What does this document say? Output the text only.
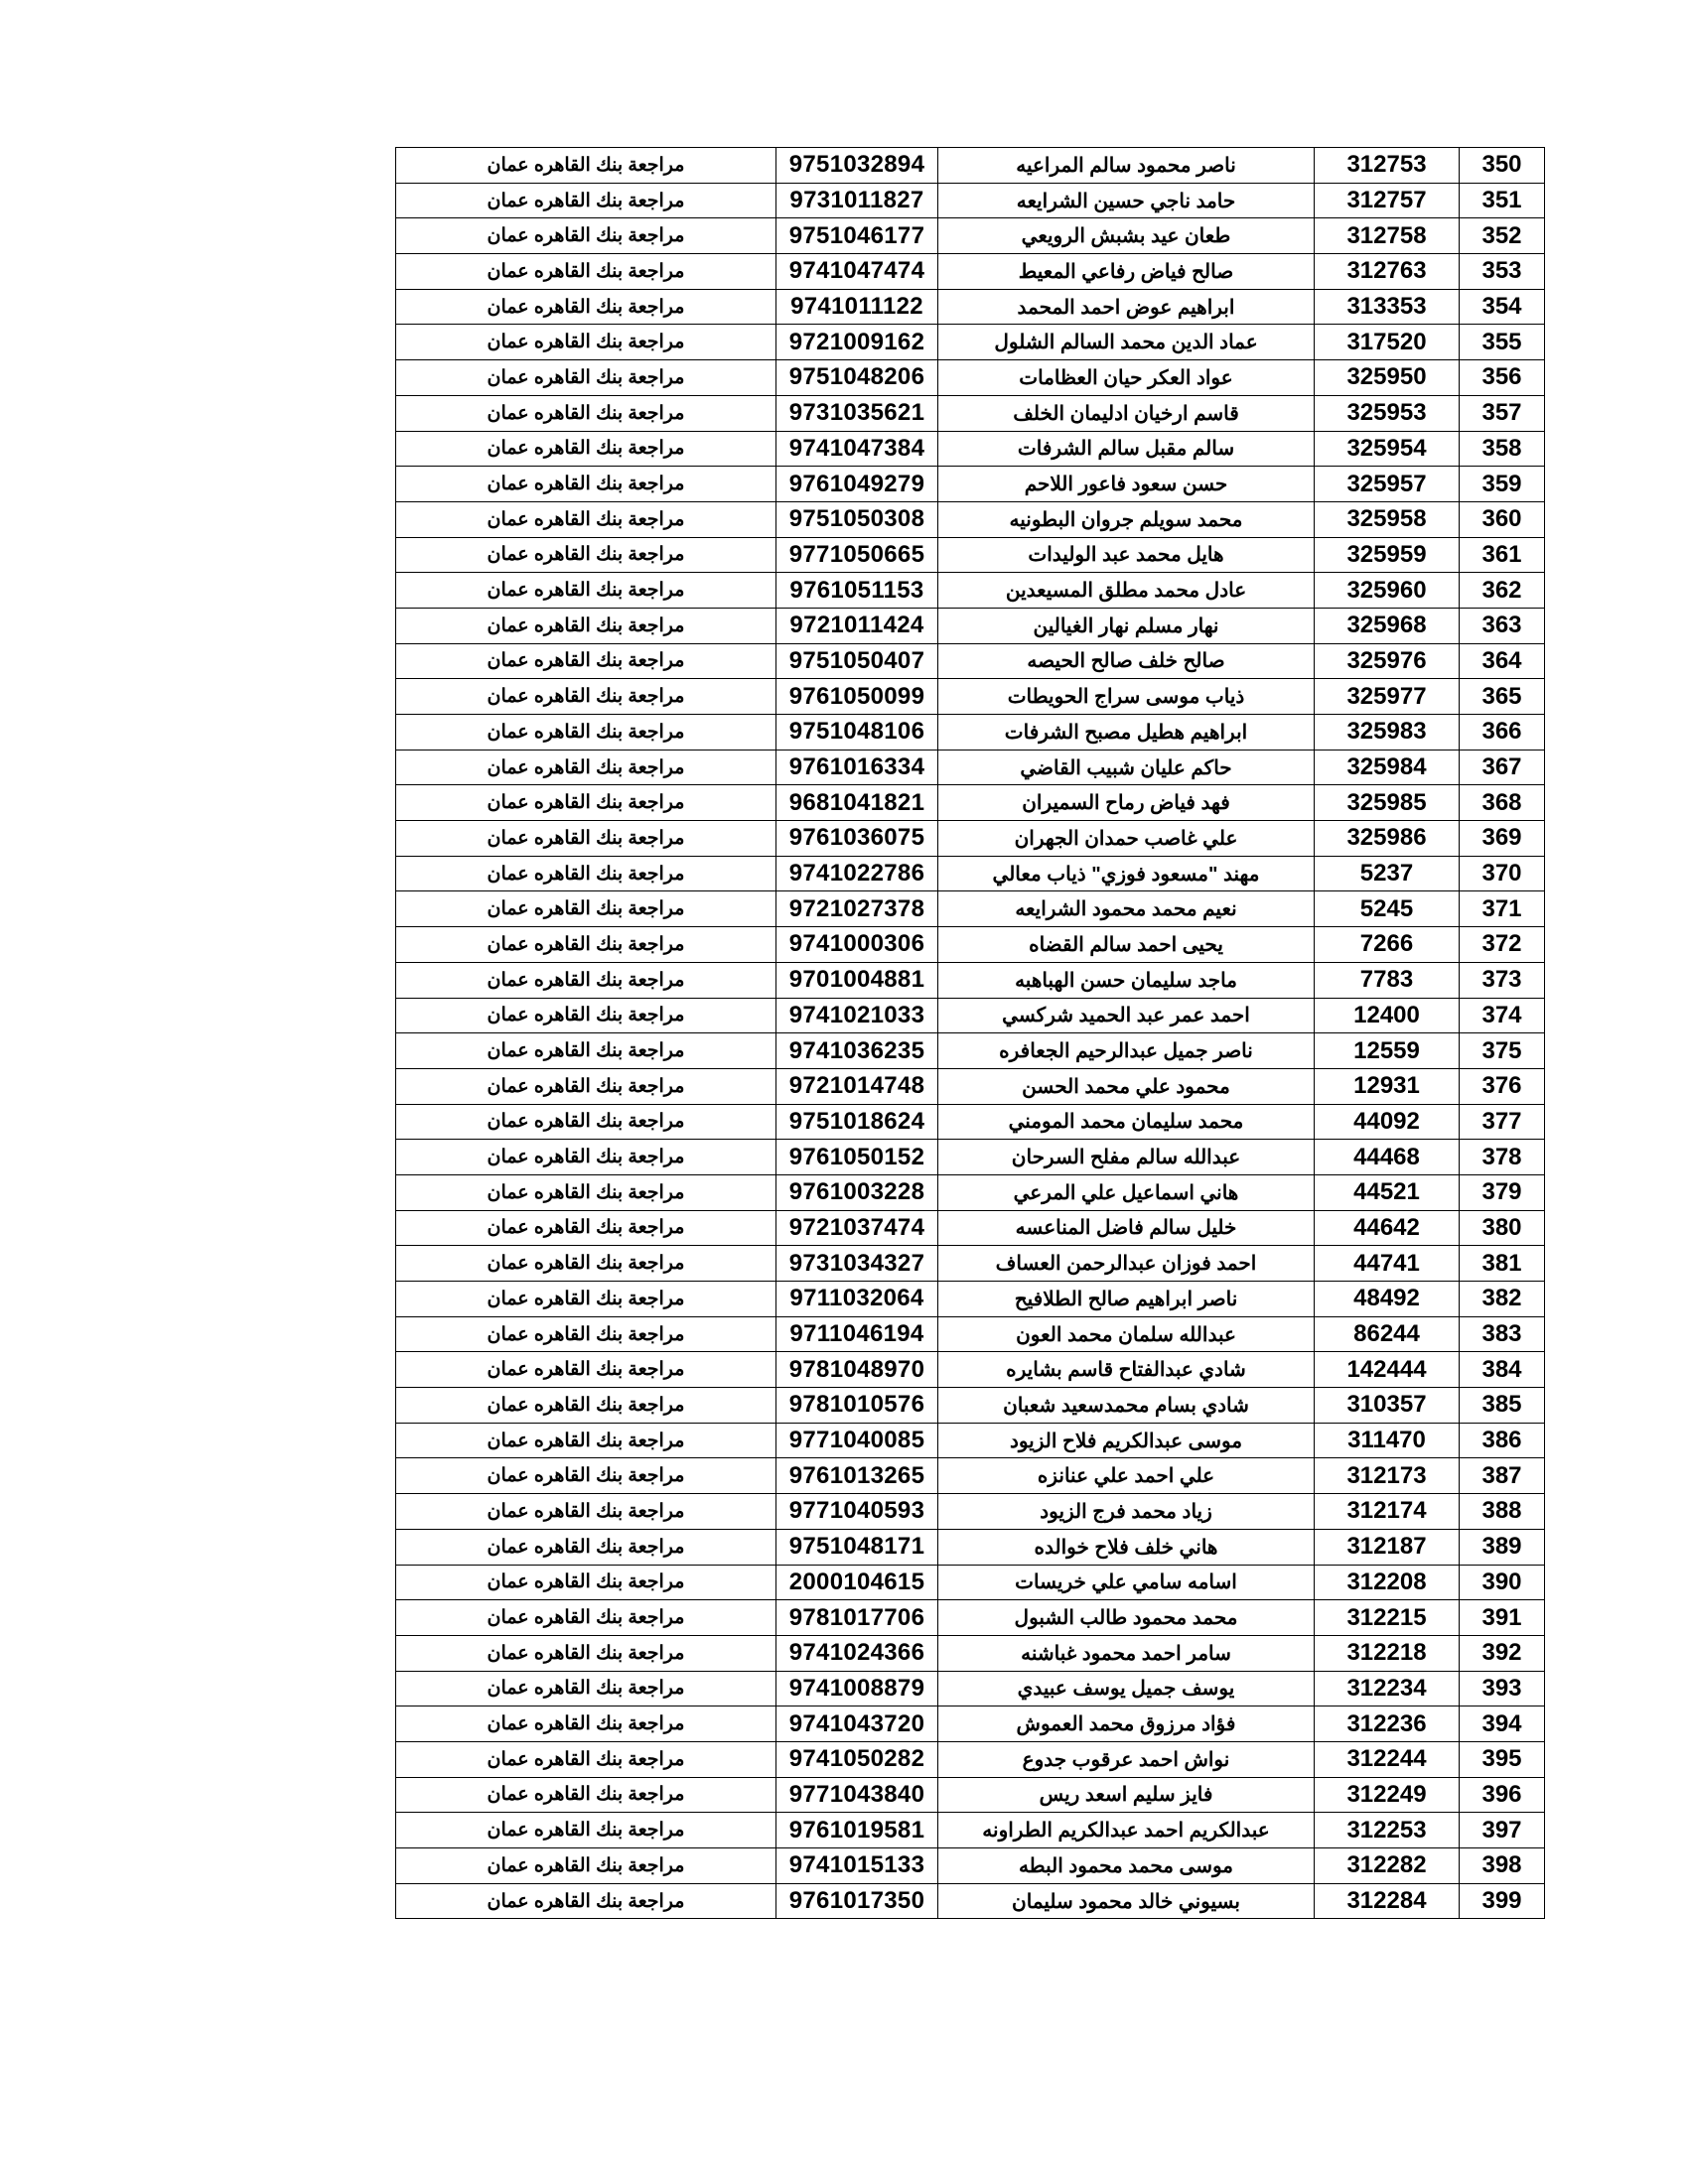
مراجعة بنك القاهره عمان	9751032894	ناصر محمود سالم المراعيه	312753	350
مراجعة بنك القاهره عمان	9731011827	حامد ناجي حسين الشرايعه	312757	351
مراجعة بنك القاهره عمان	9751046177	طعان عيد بشبش الرويعي	312758	352
مراجعة بنك القاهره عمان	9741047474	صالح فياض رفاعي المعيط	312763	353
مراجعة بنك القاهره عمان	9741011122	ابراهيم عوض احمد المحمد	313353	354
مراجعة بنك القاهره عمان	9721009162	عماد الدين محمد السالم الشلول	317520	355
مراجعة بنك القاهره عمان	9751048206	عواد العكر حيان العظامات	325950	356
مراجعة بنك القاهره عمان	9731035621	قاسم ارخيان ادليمان الخلف	325953	357
مراجعة بنك القاهره عمان	9741047384	سالم مقبل سالم الشرفات	325954	358
مراجعة بنك القاهره عمان	9761049279	حسن سعود فاعور اللاحم	325957	359
مراجعة بنك القاهره عمان	9751050308	محمد سويلم جروان البطونيه	325958	360
مراجعة بنك القاهره عمان	9771050665	هايل محمد عبد الوليدات	325959	361
مراجعة بنك القاهره عمان	9761051153	عادل محمد مطلق المسيعدين	325960	362
مراجعة بنك القاهره عمان	9721011424	نهار مسلم نهار الغيالين	325968	363
مراجعة بنك القاهره عمان	9751050407	صالح خلف صالح الحيصه	325976	364
مراجعة بنك القاهره عمان	9761050099	ذياب موسى سراج الحويطات	325977	365
مراجعة بنك القاهره عمان	9751048106	ابراهيم هطيل مصبح الشرفات	325983	366
مراجعة بنك القاهره عمان	9761016334	حاكم عليان شبيب القاضي	325984	367
مراجعة بنك القاهره عمان	9681041821	فهد فياض رماح السميران	325985	368
مراجعة بنك القاهره عمان	9761036075	علي غاصب حمدان الجهران	325986	369
مراجعة بنك القاهره عمان	9741022786	مهند "مسعود فوزي" ذياب معالي	5237	370
مراجعة بنك القاهره عمان	9721027378	نعيم محمد محمود الشرايعه	5245	371
مراجعة بنك القاهره عمان	9741000306	يحيى احمد سالم القضاه	7266	372
مراجعة بنك القاهره عمان	9701004881	ماجد سليمان حسن الهباهبه	7783	373
مراجعة بنك القاهره عمان	9741021033	احمد عمر عبد الحميد شركسي	12400	374
مراجعة بنك القاهره عمان	9741036235	ناصر جميل عبدالرحيم الجعافره	12559	375
مراجعة بنك القاهره عمان	9721014748	محمود علي محمد الحسن	12931	376
مراجعة بنك القاهره عمان	9751018624	محمد سليمان محمد المومني	44092	377
مراجعة بنك القاهره عمان	9761050152	عبدالله سالم مفلح السرحان	44468	378
مراجعة بنك القاهره عمان	9761003228	هاني اسماعيل علي المرعي	44521	379
مراجعة بنك القاهره عمان	9721037474	خليل سالم فاضل المناعسه	44642	380
مراجعة بنك القاهره عمان	9731034327	احمد فوزان عبدالرحمن العساف	44741	381
مراجعة بنك القاهره عمان	9711032064	ناصر ابراهيم صالح الطلافيح	48492	382
مراجعة بنك القاهره عمان	9711046194	عبدالله سلمان محمد العون	86244	383
مراجعة بنك القاهره عمان	9781048970	شادي عبدالفتاح قاسم بشايره	142444	384
مراجعة بنك القاهره عمان	9781010576	شادي بسام محمدسعيد شعبان	310357	385
مراجعة بنك القاهره عمان	9771040085	موسى عبدالكريم فلاح الزيود	311470	386
مراجعة بنك القاهره عمان	9761013265	علي احمد علي عنانزه	312173	387
مراجعة بنك القاهره عمان	9771040593	زياد محمد فرج الزيود	312174	388
مراجعة بنك القاهره عمان	9751048171	هاني خلف فلاح خوالده	312187	389
مراجعة بنك القاهره عمان	2000104615	اسامه سامي علي خريسات	312208	390
مراجعة بنك القاهره عمان	9781017706	محمد محمود طالب الشبول	312215	391
مراجعة بنك القاهره عمان	9741024366	سامر احمد محمود غباشنه	312218	392
مراجعة بنك القاهره عمان	9741008879	يوسف جميل يوسف عبيدي	312234	393
مراجعة بنك القاهره عمان	9741043720	فؤاد مرزوق محمد العموش	312236	394
مراجعة بنك القاهره عمان	9741050282	نواش احمد عرقوب جدوع	312244	395
مراجعة بنك القاهره عمان	9771043840	فايز سليم اسعد ريس	312249	396
مراجعة بنك القاهره عمان	9761019581	عبدالكريم احمد عبدالكريم الطراونه	312253	397
مراجعة بنك القاهره عمان	9741015133	موسى محمد محمود البطه	312282	398
مراجعة بنك القاهره عمان	9761017350	بسيوني خالد محمود سليمان	312284	399
